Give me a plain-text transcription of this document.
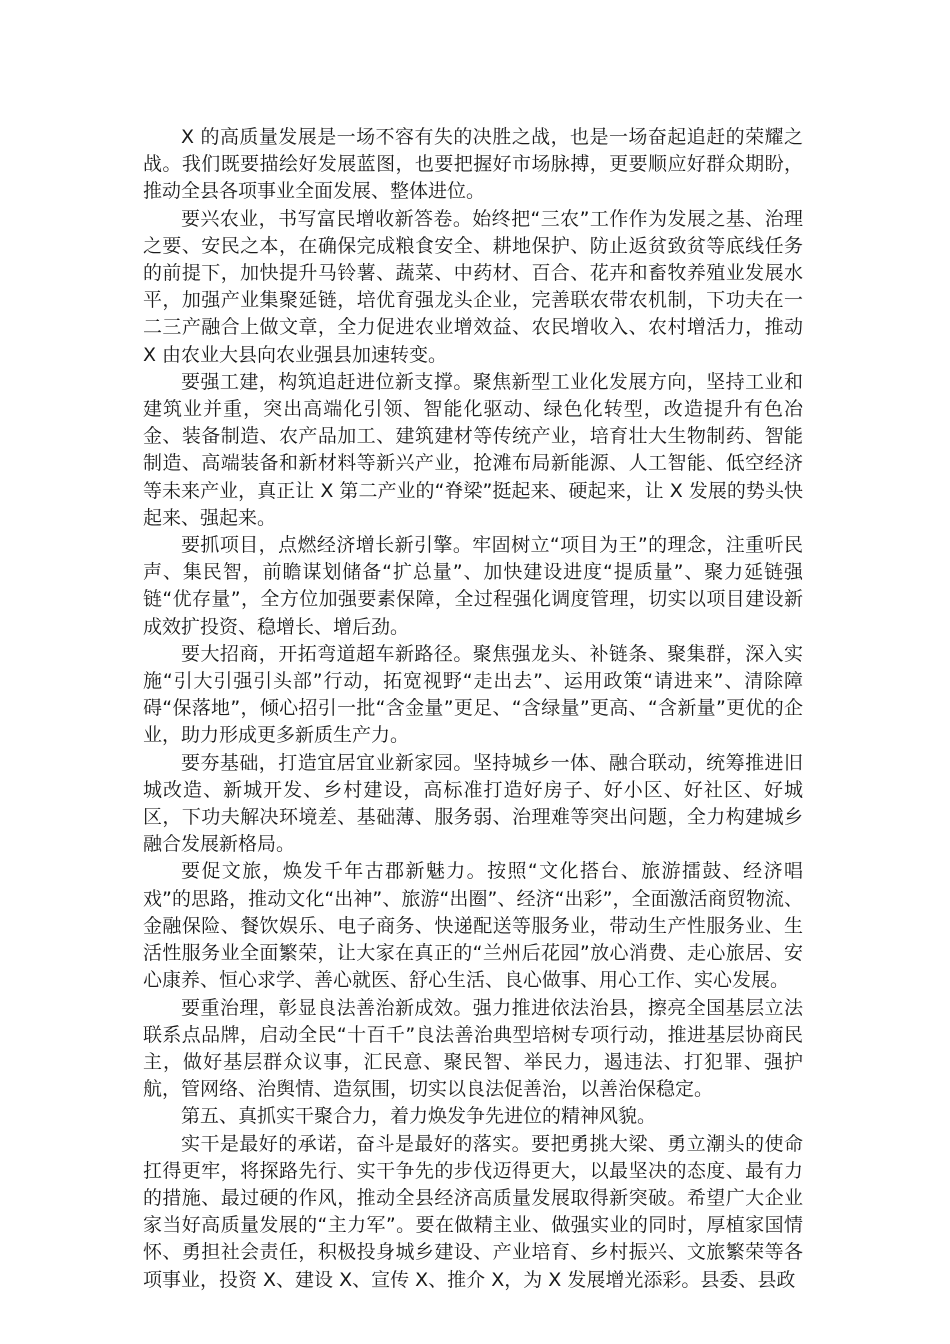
X 的高质量发展是一场不容有失的决胜之战，也是一场奋起追赶的荣耀之战。我们既要描绘好发展蓝图，也要把握好市场脉搏，更要顺应好群众期盼，推动全县各项事业全面发展、整体进位。

要兴农业，书写富民增收新答卷。始终把“三农”工作作为发展之基、治理之要、安民之本，在确保完成粮食安全、耕地保护、防止返贫致贫等底线任务的前提下，加快提升马铃薯、蔬菜、中药材、百合、花卉和畜牧养殖业发展水平，加强产业集聚延链，培优育强龙头企业，完善联农带农机制，下功夫在一二三产融合上做文章，全力促进农业增效益、农民增收入、农村增活力，推动 X 由农业大县向农业强县加速转变。

要强工建，构筑追赶进位新支撑。聚焦新型工业化发展方向，坚持工业和建筑业并重，突出高端化引领、智能化驱动、绿色化转型，改造提升有色冶金、装备制造、农产品加工、建筑建材等传统产业，培育壮大生物制药、智能制造、高端装备和新材料等新兴产业，抢滩布局新能源、人工智能、低空经济等未来产业，真正让 X 第二产业的“脊梁”挺起来、硬起来，让 X 发展的势头快起来、强起来。

要抓项目，点燃经济增长新引擎。牢固树立“项目为王”的理念，注重听民声、集民智，前瞻谋划储备“扩总量”、加快建设进度“提质量”、聚力延链强链“优存量”，全方位加强要素保障，全过程强化调度管理，切实以项目建设新成效扩投资、稳增长、增后劲。

要大招商，开拓弯道超车新路径。聚焦强龙头、补链条、聚集群，深入实施“引大引强引头部”行动，拓宽视野“走出去”、运用政策“请进来”、清除障碍“保落地”，倾心招引一批“含金量”更足、“含绿量”更高、“含新量”更优的企业，助力形成更多新质生产力。

要夯基础，打造宜居宜业新家园。坚持城乡一体、融合联动，统筹推进旧城改造、新城开发、乡村建设，高标准打造好房子、好小区、好社区、好城区，下功夫解决环境差、基础薄、服务弱、治理难等突出问题，全力构建城乡融合发展新格局。

要促文旅，焕发千年古郡新魅力。按照“文化搭台、旅游擂鼓、经济唱戏”的思路，推动文化“出神”、旅游“出圈”、经济“出彩”，全面激活商贸物流、金融保险、餐饮娱乐、电子商务、快递配送等服务业，带动生产性服务业、生活性服务业全面繁荣，让大家在真正的“兰州后花园”放心消费、走心旅居、安心康养、恒心求学、善心就医、舒心生活、良心做事、用心工作、实心发展。

要重治理，彰显良法善治新成效。强力推进依法治县，擦亮全国基层立法联系点品牌，启动全民“十百千”良法善治典型培树专项行动，推进基层协商民主，做好基层群众议事，汇民意、聚民智、举民力，遏违法、打犯罪、强护航，管网络、治舆情、造氛围，切实以良法促善治，以善治保稳定。

第五、真抓实干聚合力，着力焕发争先进位的精神风貌。

实干是最好的承诺，奋斗是最好的落实。要把勇挑大梁、勇立潮头的使命扛得更牢，将探路先行、实干争先的步伐迈得更大，以最坚决的态度、最有力的措施、最过硬的作风，推动全县经济高质量发展取得新突破。希望广大企业家当好高质量发展的“主力军”。要在做精主业、做强实业的同时，厚植家国情怀、勇担社会责任，积极投身城乡建设、产业培育、乡村振兴、文旅繁荣等各项事业，投资 X、建设 X、宣传 X、推介 X，为 X 发展增光添彩。县委、县政
